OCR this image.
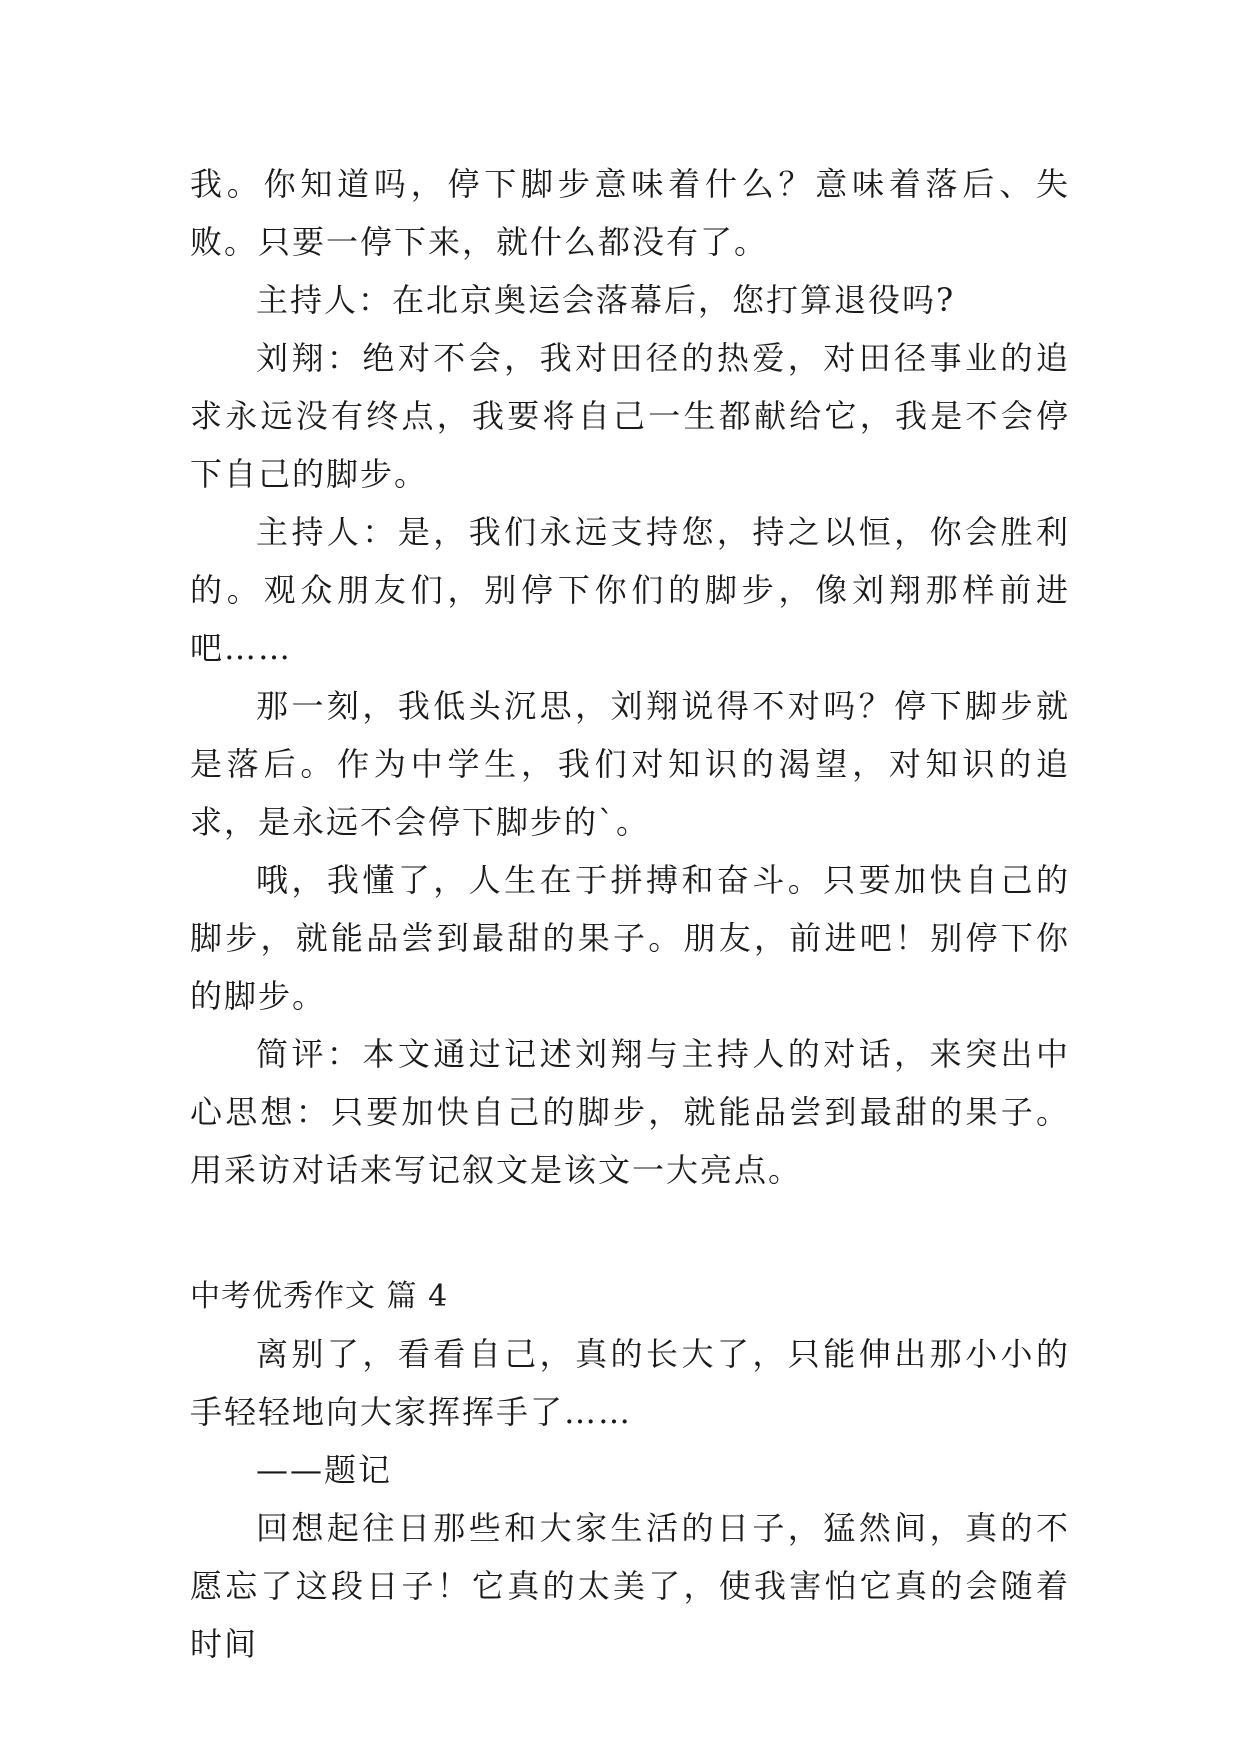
我。你知道吗，停下脚步意味着什么？意味着落后、失败。只要一停下来，就什么都没有了。

主持人：在北京奥运会落幕后，您打算退役吗?

刘翔：绝对不会，我对田径的热爱，对田径事业的追求永远没有终点，我要将自己一生都献给它，我是不会停下自己的脚步。

主持人：是，我们永远支持您，持之以恒，你会胜利的。观众朋友们，别停下你们的脚步，像刘翔那样前进吧……

那一刻，我低头沉思，刘翔说得不对吗？停下脚步就是落后。作为中学生，我们对知识的渴望，对知识的追求，是永远不会停下脚步的`。

哦，我懂了，人生在于拼搏和奋斗。只要加快自己的脚步，就能品尝到最甜的果子。朋友，前进吧！别停下你的脚步。

简评：本文通过记述刘翔与主持人的对话，来突出中心思想：只要加快自己的脚步，就能品尝到最甜的果子。用采访对话来写记叙文是该文一大亮点。

中考优秀作文 篇 4

离别了，看看自己，真的长大了，只能伸出那小小的手轻轻地向大家挥挥手了……

——题记

回想起往日那些和大家生活的日子，猛然间，真的不愿忘了这段日子！它真的太美了，使我害怕它真的会随着时间
